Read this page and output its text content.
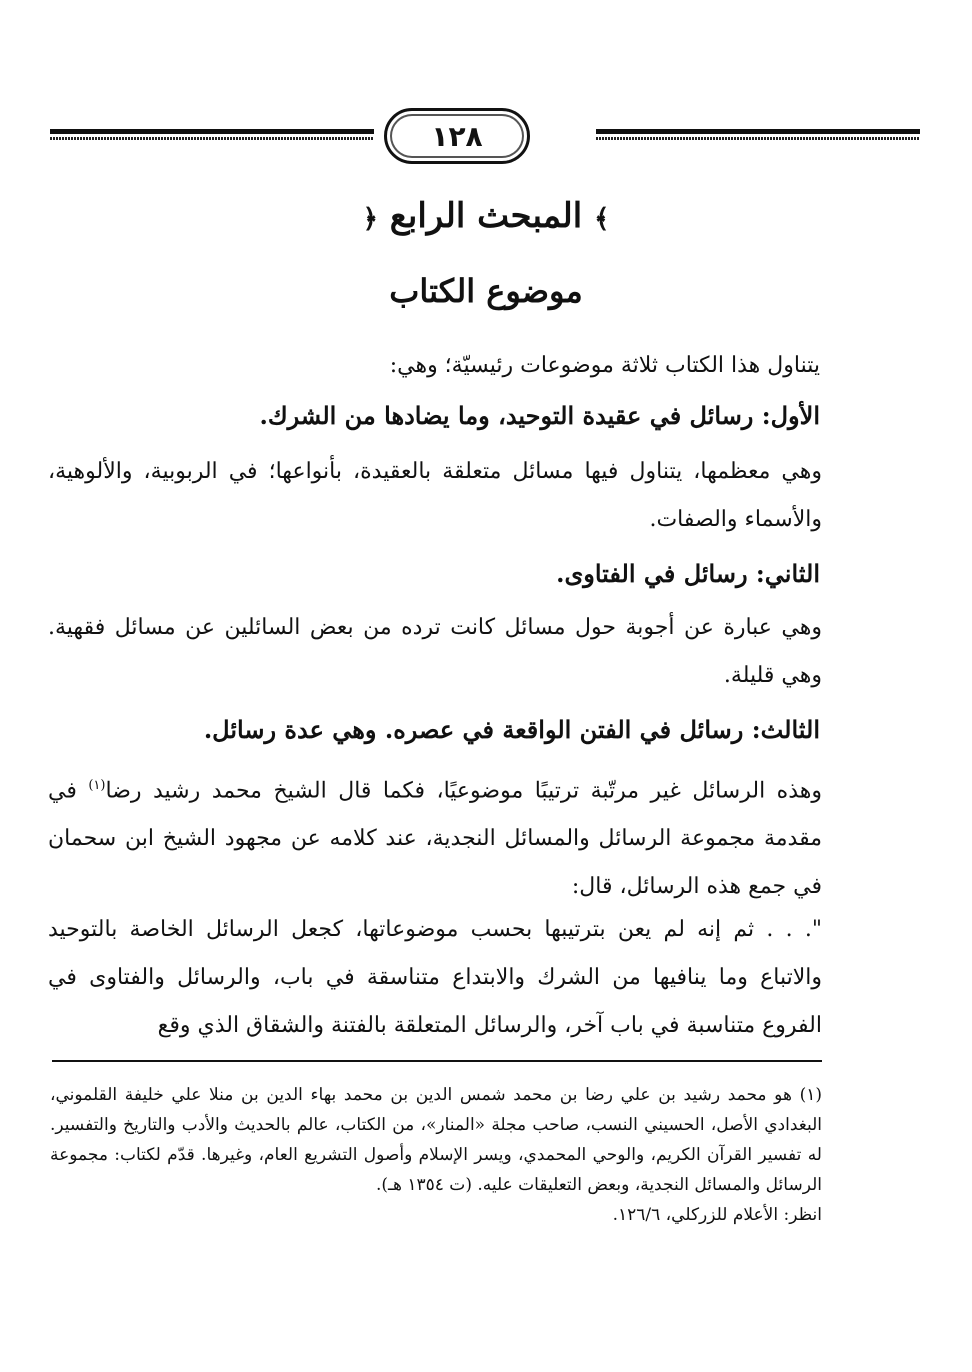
١٢٨
﴾ المبحث الرابع ﴿
موضوع الكتاب
يتناول هذا الكتاب ثلاثة موضوعات رئيسيّة؛ وهي:
الأول: رسائل في عقيدة التوحيد، وما يضادها من الشرك.
وهي معظمها، يتناول فيها مسائل متعلقة بالعقيدة، بأنواعها؛ في الربوبية، والألوهية، والأسماء والصفات.
الثاني: رسائل في الفتاوى.
وهي عبارة عن أجوبة حول مسائل كانت ترده من بعض السائلين عن مسائل فقهية. وهي قليلة.
الثالث: رسائل في الفتن الواقعة في عصره. وهي عدة رسائل.
وهذه الرسائل غير مرتّبة ترتيبًا موضوعيًا، فكما قال الشيخ محمد رشيد رضا$^{(١)}$ في مقدمة مجموعة الرسائل والمسائل النجدية، عند كلامه عن مجهود الشيخ ابن سحمان في جمع هذه الرسائل، قال:
". . . ثم إنه لم يعن بترتيبها بحسب موضوعاتها، كجعل الرسائل الخاصة بالتوحيد والاتباع وما ينافيها من الشرك والابتداع متناسقة في باب، والرسائل والفتاوى في الفروع متناسبة في باب آخر، والرسائل المتعلقة بالفتنة والشقاق الذي وقع
(١) هو محمد رشيد بن علي رضا بن محمد شمس الدين بن محمد بهاء الدين بن منلا علي خليفة القلموني، البغدادي الأصل، الحسيني النسب، صاحب مجلة «المنار»، من الكتاب، عالم بالحديث والأدب والتاريخ والتفسير. له تفسير القرآن الكريم، والوحي المحمدي، ويسر الإسلام وأصول التشريع العام، وغيرها. قدّم لكتاب: مجموعة الرسائل والمسائل النجدية، وبعض التعليقات عليه. (ت ١٣٥٤ هـ).
انظر: الأعلام للزركلي، ١٢٦/٦.
